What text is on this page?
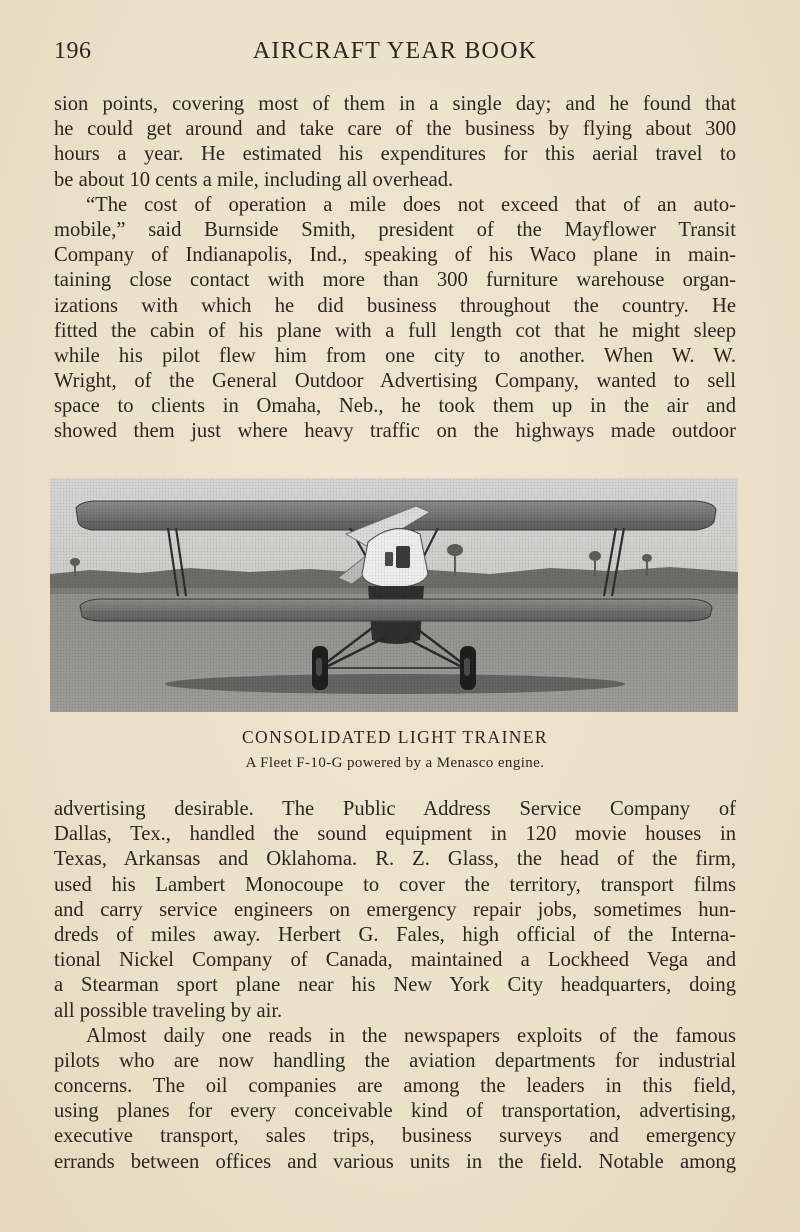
196	AIRCRAFT YEAR BOOK
sion points, covering most of them in a single day; and he found that
he could get around and take care of the business by flying about 300
hours a year. He estimated his expenditures for this aerial travel to
be about 10 cents a mile, including all overhead.
“The cost of operation a mile does not exceed that of an auto-
mobile,” said Burnside Smith, president of the Mayflower Transit
Company of Indianapolis, Ind., speaking of his Waco plane in main-
taining close contact with more than 300 furniture warehouse organ-
izations with which he did business throughout the country. He
fitted the cabin of his plane with a full length cot that he might sleep
while his pilot flew him from one city to another. When W. W.
Wright, of the General Outdoor Advertising Company, wanted to sell
space to clients in Omaha, Neb., he took them up in the air and
showed them just where heavy traffic on the highways made outdoor
CONSOLIDATED LIGHT TRAINER
A Fleet F-10-G powered by a Menasco engine.
advertising desirable. The Public Address Service Company of
Dallas, Tex., handled the sound equipment in 120 movie houses in
Texas, Arkansas and Oklahoma. R. Z. Glass, the head of the firm,
used his Lambert Monocoupe to cover the territory, transport films
and carry service engineers on emergency repair jobs, sometimes hun-
dreds of miles away. Herbert G. Fales, high official of the Interna-
tional Nickel Company of Canada, maintained a Lockheed Vega and
a Stearman sport plane near his New York City headquarters, doing
all possible traveling by air.
Almost daily one reads in the newspapers exploits of the famous
pilots who are now handling the aviation departments for industrial
concerns. The oil companies are among the leaders in this field,
using planes for every conceivable kind of transportation, advertising,
executive transport, sales trips, business surveys and emergency
errands between offices and various units in the field. Notable among
